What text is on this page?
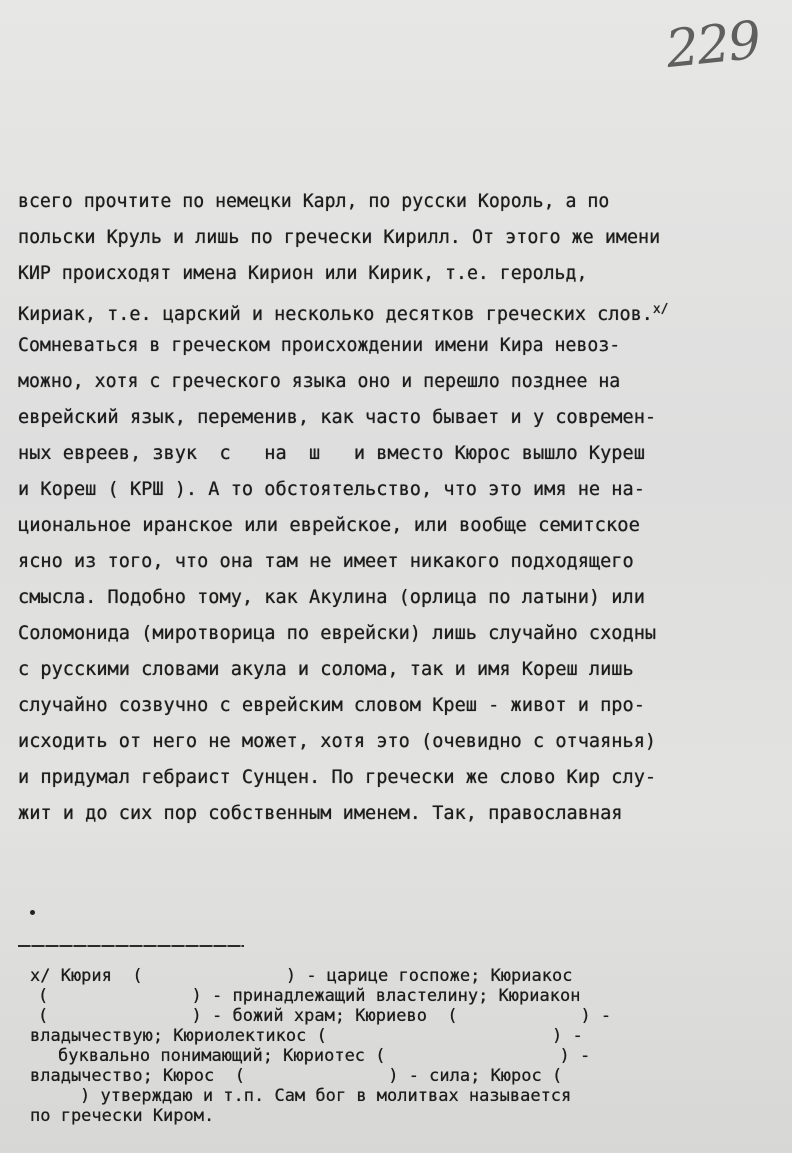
229
всего прочтите по немецки Карл, по русски Король, а по
польски Круль и лишь по гречески Кирилл. От этого же имени
КИР происходят имена Кирион или Кирик, т.е. герольд,
Кириак, т.е. царский и несколько десятков греческих слов.$^{х/}$
Сомневаться в греческом происхождении имени Кира невоз-
можно, хотя с греческого языка оно и перешло позднее на
еврейский язык, переменив, как часто бывает и у современ-
ных евреев, звук  с   на  ш   и вместо Кюрос вышло Куреш
и Кореш ( КРШ ). А то обстоятельство, что это имя не на-
циональное иранское или еврейское, или вообще семитское
ясно из того, что она там не имеет никакого подходящего
смысла. Подобно тому, как Акулина (орлица по латыни) или
Соломонида (миротворица по еврейски) лишь случайно сходны
с русскими словами акула и солома, так и имя Кореш лишь
случайно созвучно с еврейским словом Креш - живот и про-
исходить от него не может, хотя это (очевидно с отчаянья)
и придумал гебраист Сунцен. По гречески же слово Кир слу-
жит и до сих пор собственным именем. Так, православная
х/ Кюрия  (              ) - царице госпоже; Кюриакос
(              ) - принадлежащий властелину; Кюриакон
(              ) - божий храм; Кюриево  (            ) -
владычествую; Кюриолектикос (                      ) -
буквально понимающий; Кюриотес (                 ) -
владычество; Кюрос  (              ) - сила; Кюрос (
) утверждаю и т.п. Сам бог в молитвах называется
по гречески Киром.
